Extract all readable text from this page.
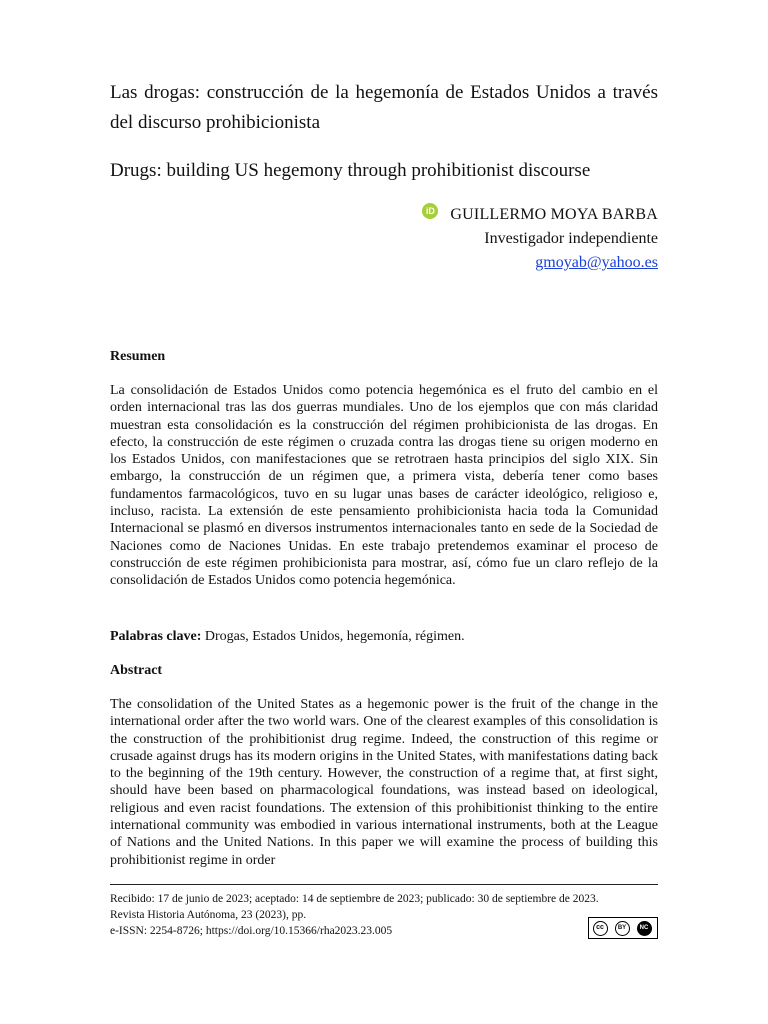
Las drogas: construcción de la hegemonía de Estados Unidos a través del discurso prohibicionista
Drugs: building US hegemony through prohibitionist discourse
iD GUILLERMO MOYA BARBA
Investigador independiente
gmoyab@yahoo.es
Resumen

La consolidación de Estados Unidos como potencia hegemónica es el fruto del cambio en el orden internacional tras las dos guerras mundiales. Uno de los ejemplos que con más claridad muestran esta consolidación es la construcción del régimen prohibicionista de las drogas. En efecto, la construcción de este régimen o cruzada contra las drogas tiene su origen moderno en los Estados Unidos, con manifestaciones que se retrotraen hasta principios del siglo XIX. Sin embargo, la construcción de un régimen que, a primera vista, debería tener como bases fundamentos farmacológicos, tuvo en su lugar unas bases de carácter ideológico, religioso e, incluso, racista. La extensión de este pensamiento prohibicionista hacia toda la Comunidad Internacional se plasmó en diversos instrumentos internacionales tanto en sede de la Sociedad de Naciones como de Naciones Unidas. En este trabajo pretendemos examinar el proceso de construcción de este régimen prohibicionista para mostrar, así, cómo fue un claro reflejo de la consolidación de Estados Unidos como potencia hegemónica.

Palabras clave: Drogas, Estados Unidos, hegemonía, régimen.

Abstract

The consolidation of the United States as a hegemonic power is the fruit of the change in the international order after the two world wars. One of the clearest examples of this consolidation is the construction of the prohibitionist drug regime. Indeed, the construction of this regime or crusade against drugs has its modern origins in the United States, with manifestations dating back to the beginning of the 19th century. However, the construction of a regime that, at first sight, should have been based on pharmacological foundations, was instead based on ideological, religious and even racist foundations. The extension of this prohibitionist thinking to the entire international community was embodied in various international instruments, both at the League of Nations and the United Nations. In this paper we will examine the process of building this prohibitionist regime in order

Recibido: 17 de junio de 2023; aceptado: 14 de septiembre de 2023; publicado: 30 de septiembre de 2023.
Revista Historia Autónoma, 23 (2023), pp.
e-ISSN: 2254-8726; https://doi.org/10.15366/rha2023.23.005	cc	BY	NC
